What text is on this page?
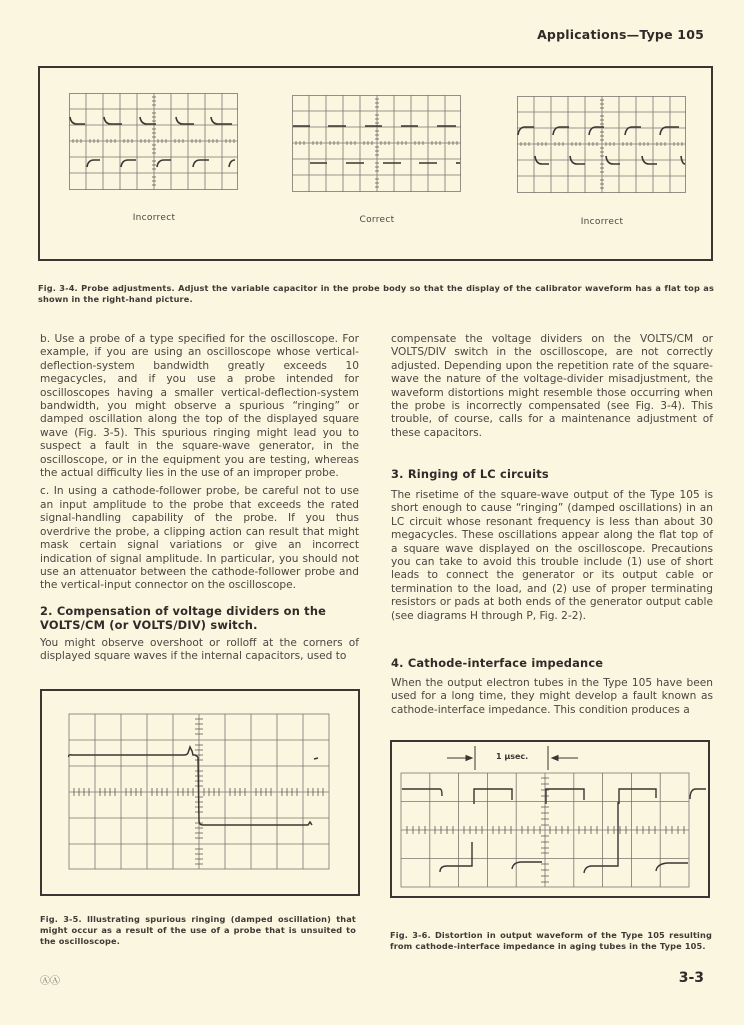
Applications—Type 105
Incorrect	Correct	Incorrect
Fig. 3-4. Probe adjustments. Adjust the variable capacitor in the probe body so that the display of the calibrator waveform has a flat top as shown in the right-hand picture.

b. Use a probe of a type specified for the oscilloscope. For example, if you are using an oscilloscope whose vertical-deflection-system bandwidth greatly exceeds 10 megacycles, and if you use a probe intended for oscilloscopes having a smaller vertical-deflection-system bandwidth, you might observe a spurious “ringing” or damped oscillation along the top of the displayed square wave (Fig. 3-5). This spurious ringing might lead you to suspect a fault in the square-wave generator, in the oscilloscope, or in the equipment you are testing, whereas the actual difficulty lies in the use of an improper probe.

c. In using a cathode-follower probe, be careful not to use an input amplitude to the probe that exceeds the rated signal-handling capability of the probe. If you thus overdrive the probe, a clipping action can result that might mask certain signal variations or give an incorrect indication of signal amplitude. In particular, you should not use an attenuator between the cathode-follower probe and the vertical-input connector on the oscilloscope.

2. Compensation of voltage dividers on the VOLTS/CM (or VOLTS/DIV) switch.
You might observe overshoot or rolloff at the corners of displayed square waves if the internal capacitors, used to
Fig. 3-5. Illustrating spurious ringing (damped oscillation) that might occur as a result of the use of a probe that is unsuited to the oscilloscope.
compensate the voltage dividers on the VOLTS/CM or VOLTS/DIV switch in the oscilloscope, are not correctly adjusted. Depending upon the repetition rate of the square-wave the nature of the voltage-divider misadjustment, the waveform distortions might resemble those occurring when the probe is incorrectly compensated (see Fig. 3-4). This trouble, of course, calls for a maintenance adjustment of these capacitors.
3. Ringing of LC circuits
The risetime of the square-wave output of the Type 105 is short enough to cause “ringing” (damped oscillations) in an LC circuit whose resonant frequency is less than about 30 megacycles. These oscillations appear along the flat top of a square wave displayed on the oscilloscope. Precautions you can take to avoid this trouble include (1) use of short leads to connect the generator or its output cable or termination to the load, and (2) use of proper terminating resistors or pads at both ends of the generator output cable (see diagrams H through P, Fig. 2-2).
4. Cathode-interface impedance
When the output electron tubes in the Type 105 have been used for a long time, they might develop a fault known as cathode-interface impedance. This condition produces a
1 μsec.
Fig. 3-6. Distortion in output waveform of the Type 105 resulting from cathode-interface impedance in aging tubes in the Type 105.
ⒶⒶ	3-3
